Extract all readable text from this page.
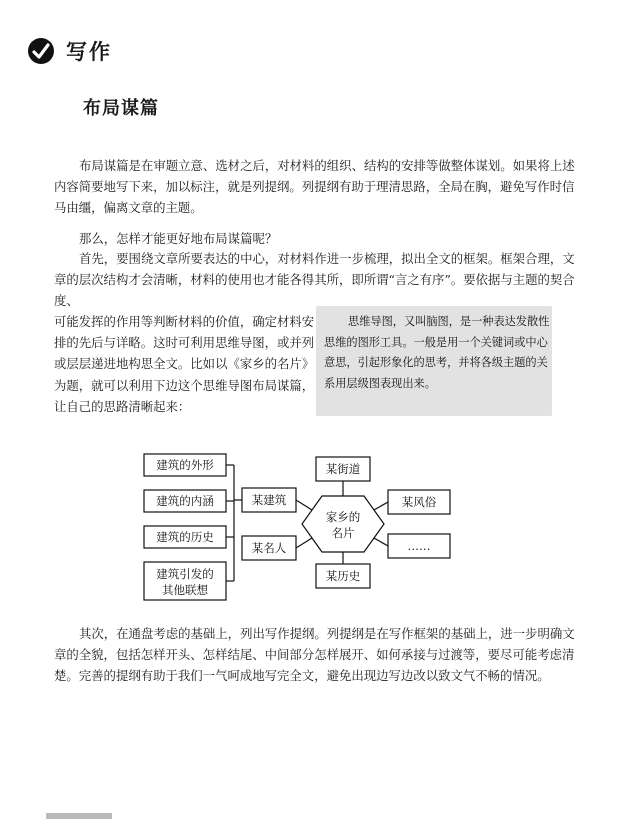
写作
布局谋篇

布局谋篇是在审题立意、选材之后，对材料的组织、结构的安排等做整体谋划。如果将上述内容简要地写下来，加以标注，就是列提纲。列提纲有助于理清思路，全局在胸，避免写作时信马由缰，偏离文章的主题。

那么，怎样才能更好地布局谋篇呢？

首先，要围绕文章所要表达的中心，对材料作进一步梳理，拟出全文的框架。框架合理，文章的层次结构才会清晰，材料的使用也才能各得其所，即所谓“言之有序”。要依据与主题的契合度、

可能发挥的作用等判断材料的价值，确定材料安排的先后与详略。这时可利用思维导图，或并列或层层递进地构思全文。比如以《家乡的名片》为题，就可以利用下边这个思维导图布局谋篇，让自己的思路清晰起来：

思维导图，又叫脑图，是一种表达发散性思维的图形工具。一般是用一个关键词或中心意思，引起形象化的思考，并将各级主题的关系用层级图表现出来。

建筑的外形
建筑的内涵
建筑的历史
建筑引发的
其他联想
某建筑
某名人
某街道
某历史
某风俗
……
家乡的
名片

其次，在通盘考虑的基础上，列出写作提纲。列提纲是在写作框架的基础上，进一步明确文章的全貌，包括怎样开头、怎样结尾、中间部分怎样展开、如何承接与过渡等，要尽可能考虑清楚。完善的提纲有助于我们一气呵成地写完全文，避免出现边写边改以致文气不畅的情况。
